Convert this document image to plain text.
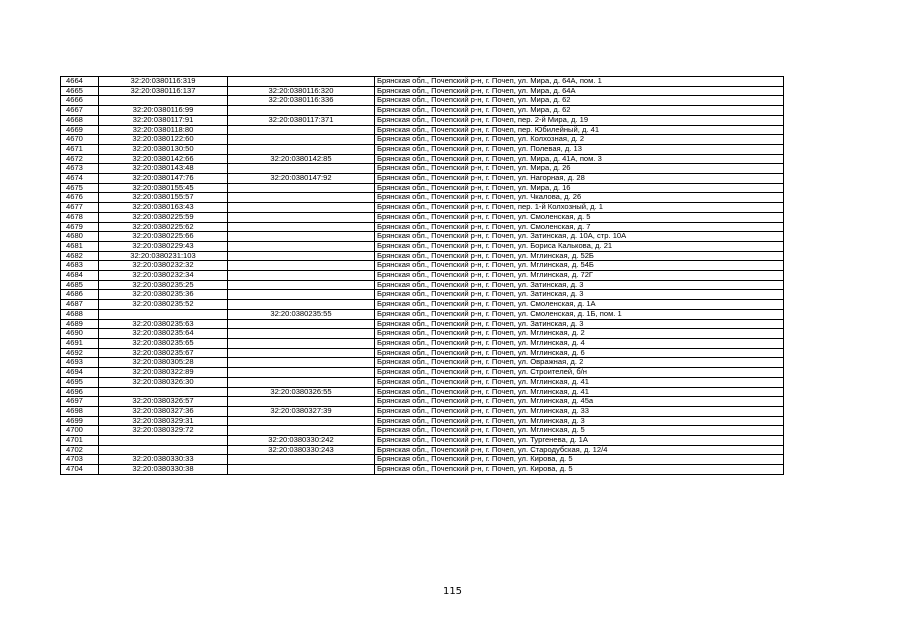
4664	32:20:0380116:319		Брянская обл., Почепский р-н, г. Почеп, ул. Мира, д. 64А, пом. 1
4665	32:20:0380116:137	32:20:0380116:320	Брянская обл., Почепский р-н, г. Почеп, ул. Мира, д. 64А
4666		32:20:0380116:336	Брянская обл., Почепский р-н, г. Почеп, ул. Мира, д. 62
4667	32:20:0380116:99		Брянская обл., Почепский р-н, г. Почеп, ул. Мира, д. 62
4668	32:20:0380117:91	32:20:0380117:371	Брянская обл., Почепский р-н, г. Почеп, пер. 2-й Мира, д. 19
4669	32:20:0380118:80		Брянская обл., Почепский р-н, г. Почеп, пер. Юбилейный, д. 41
4670	32:20:0380122:60		Брянская обл., Почепский р-н, г. Почеп, ул. Колхозная, д. 2
4671	32:20:0380130:50		Брянская обл., Почепский р-н, г. Почеп, ул. Полевая, д. 13
4672	32:20:0380142:66	32:20:0380142:85	Брянская обл., Почепский р-н, г. Почеп, ул. Мира, д. 41А, пом. 3
4673	32:20:0380143:48		Брянская обл., Почепский р-н, г. Почеп, ул. Мира, д. 26
4674	32:20:0380147:76	32:20:0380147:92	Брянская обл., Почепский р-н, г. Почеп, ул. Нагорная, д. 28
4675	32:20:0380155:45		Брянская обл., Почепский р-н, г. Почеп, ул. Мира, д. 16
4676	32:20:0380155:57		Брянская обл., Почепский р-н, г. Почеп, ул. Чкалова, д. 26
4677	32:20:0380163:43		Брянская обл., Почепский р-н, г. Почеп, пер. 1-й Колхозный, д. 1
4678	32:20:0380225:59		Брянская обл., Почепский р-н, г. Почеп, ул. Смоленская, д. 5
4679	32:20:0380225:62		Брянская обл., Почепский р-н, г. Почеп, ул. Смоленская, д. 7
4680	32:20:0380225:66		Брянская обл., Почепский р-н, г. Почеп, ул. Затинская, д. 10А, стр. 10А
4681	32:20:0380229:43		Брянская обл., Почепский р-н, г. Почеп, ул. Бориса Калькова, д. 21
4682	32:20:0380231:103		Брянская обл., Почепский р-н, г. Почеп, ул. Мглинская, д. 52Б
4683	32:20:0380232:32		Брянская обл., Почепский р-н, г. Почеп, ул. Мглинская, д. 54Б
4684	32:20:0380232:34		Брянская обл., Почепский р-н, г. Почеп, ул. Мглинская, д. 72Г
4685	32:20:0380235:25		Брянская обл., Почепский р-н, г. Почеп, ул. Затинская, д. 3
4686	32:20:0380235:36		Брянская обл., Почепский р-н, г. Почеп, ул. Затинская, д. 3
4687	32:20:0380235:52		Брянская обл., Почепский р-н, г. Почеп, ул. Смоленская, д. 1А
4688		32:20:0380235:55	Брянская обл., Почепский р-н, г. Почеп, ул. Смоленская, д. 1Б, пом. 1
4689	32:20:0380235:63		Брянская обл., Почепский р-н, г. Почеп, ул. Затинская, д. 3
4690	32:20:0380235:64		Брянская обл., Почепский р-н, г. Почеп, ул. Мглинская, д. 2
4691	32:20:0380235:65		Брянская обл., Почепский р-н, г. Почеп, ул. Мглинская, д. 4
4692	32:20:0380235:67		Брянская обл., Почепский р-н, г. Почеп, ул. Мглинская, д. 6
4693	32:20:0380305:28		Брянская обл., Почепский р-н, г. Почеп, ул. Овражная, д. 2
4694	32:20:0380322:89		Брянская обл., Почепский р-н, г. Почеп, ул. Строителей, б/н
4695	32:20:0380326:30		Брянская обл., Почепский р-н, г. Почеп, ул. Мглинская, д. 41
4696		32:20:0380326:55	Брянская обл., Почепский р-н, г. Почеп, ул. Мглинская, д. 41
4697	32:20:0380326:57		Брянская обл., Почепский р-н, г. Почеп, ул. Мглинская, д. 45а
4698	32:20:0380327:36	32:20:0380327:39	Брянская обл., Почепский р-н, г. Почеп, ул. Мглинская, д. 33
4699	32:20:0380329:31		Брянская обл., Почепский р-н, г. Почеп, ул. Мглинская, д. 3
4700	32:20:0380329:72		Брянская обл., Почепский р-н, г. Почеп, ул. Мглинская, д. 5
4701		32:20:0380330:242	Брянская обл., Почепский р-н, г. Почеп, ул. Тургенева, д. 1А
4702		32:20:0380330:243	Брянская обл., Почепский р-н, г. Почеп, ул. Стародубская, д. 12/4
4703	32:20:0380330:33		Брянская обл., Почепский р-н, г. Почеп, ул. Кирова, д. 5
4704	32:20:0380330:38		Брянская обл., Почепский р-н, г. Почеп, ул. Кирова, д. 5
115
